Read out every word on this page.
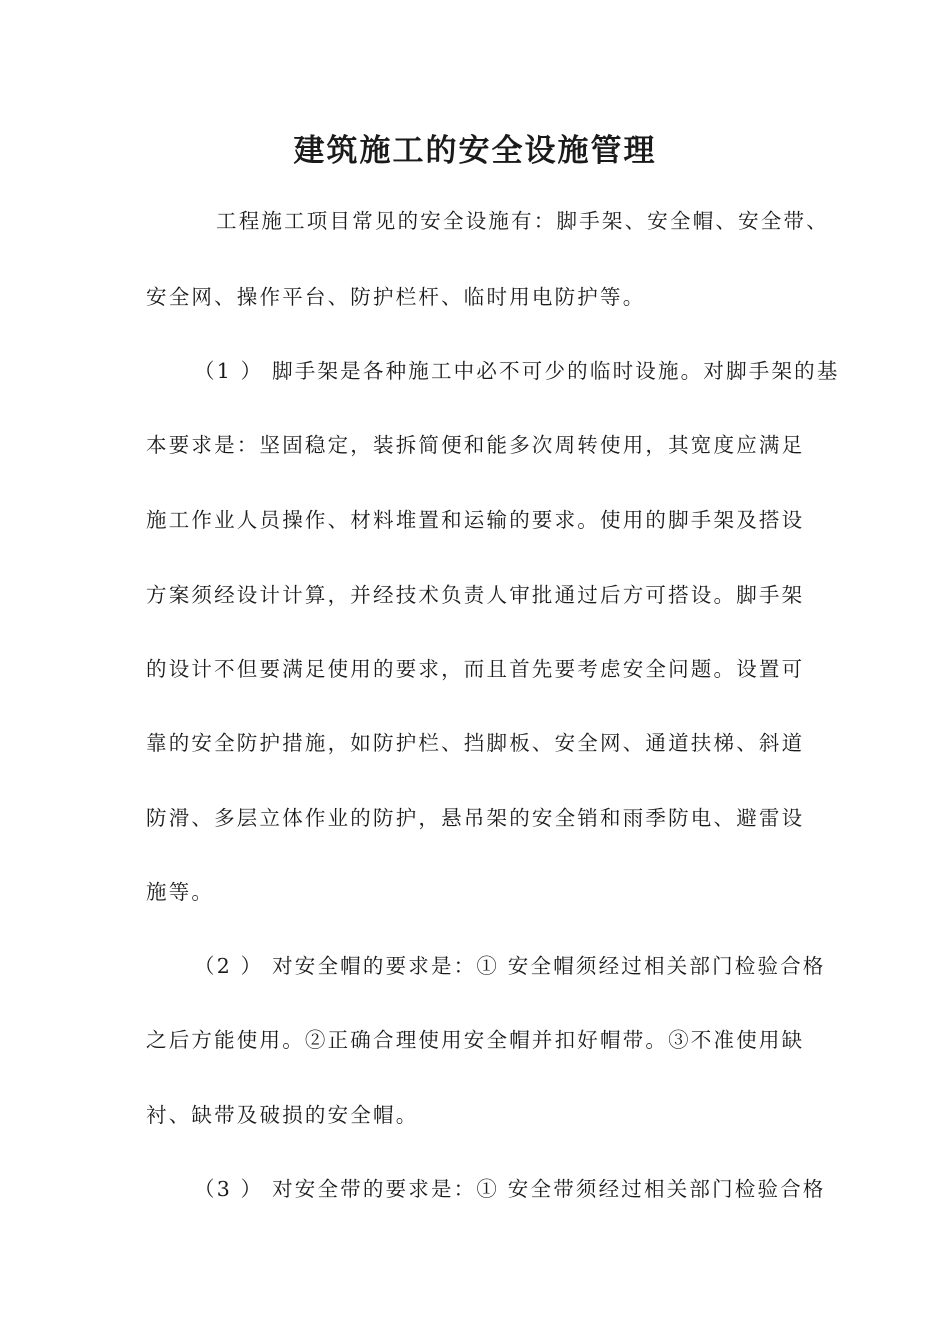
建筑施工的安全设施管理
工程施工项目常见的安全设施有：脚手架、安全帽、安全带、
安全网、操作平台、防护栏杆、临时用电防护等。
（1 ） 脚手架是各种施工中必不可少的临时设施。对脚手架的基
本要求是：坚固稳定，装拆简便和能多次周转使用，其宽度应满足
施工作业人员操作、材料堆置和运输的要求。使用的脚手架及搭设
方案须经设计计算，并经技术负责人审批通过后方可搭设。脚手架
的设计不但要满足使用的要求，而且首先要考虑安全问题。设置可
靠的安全防护措施，如防护栏、挡脚板、安全网、通道扶梯、斜道
防滑、多层立体作业的防护，悬吊架的安全销和雨季防电、避雷设
施等。
（2 ） 对安全帽的要求是：① 安全帽须经过相关部门检验合格
之后方能使用。②正确合理使用安全帽并扣好帽带。③不准使用缺
衬、缺带及破损的安全帽。
（3 ） 对安全带的要求是：① 安全带须经过相关部门检验合格
